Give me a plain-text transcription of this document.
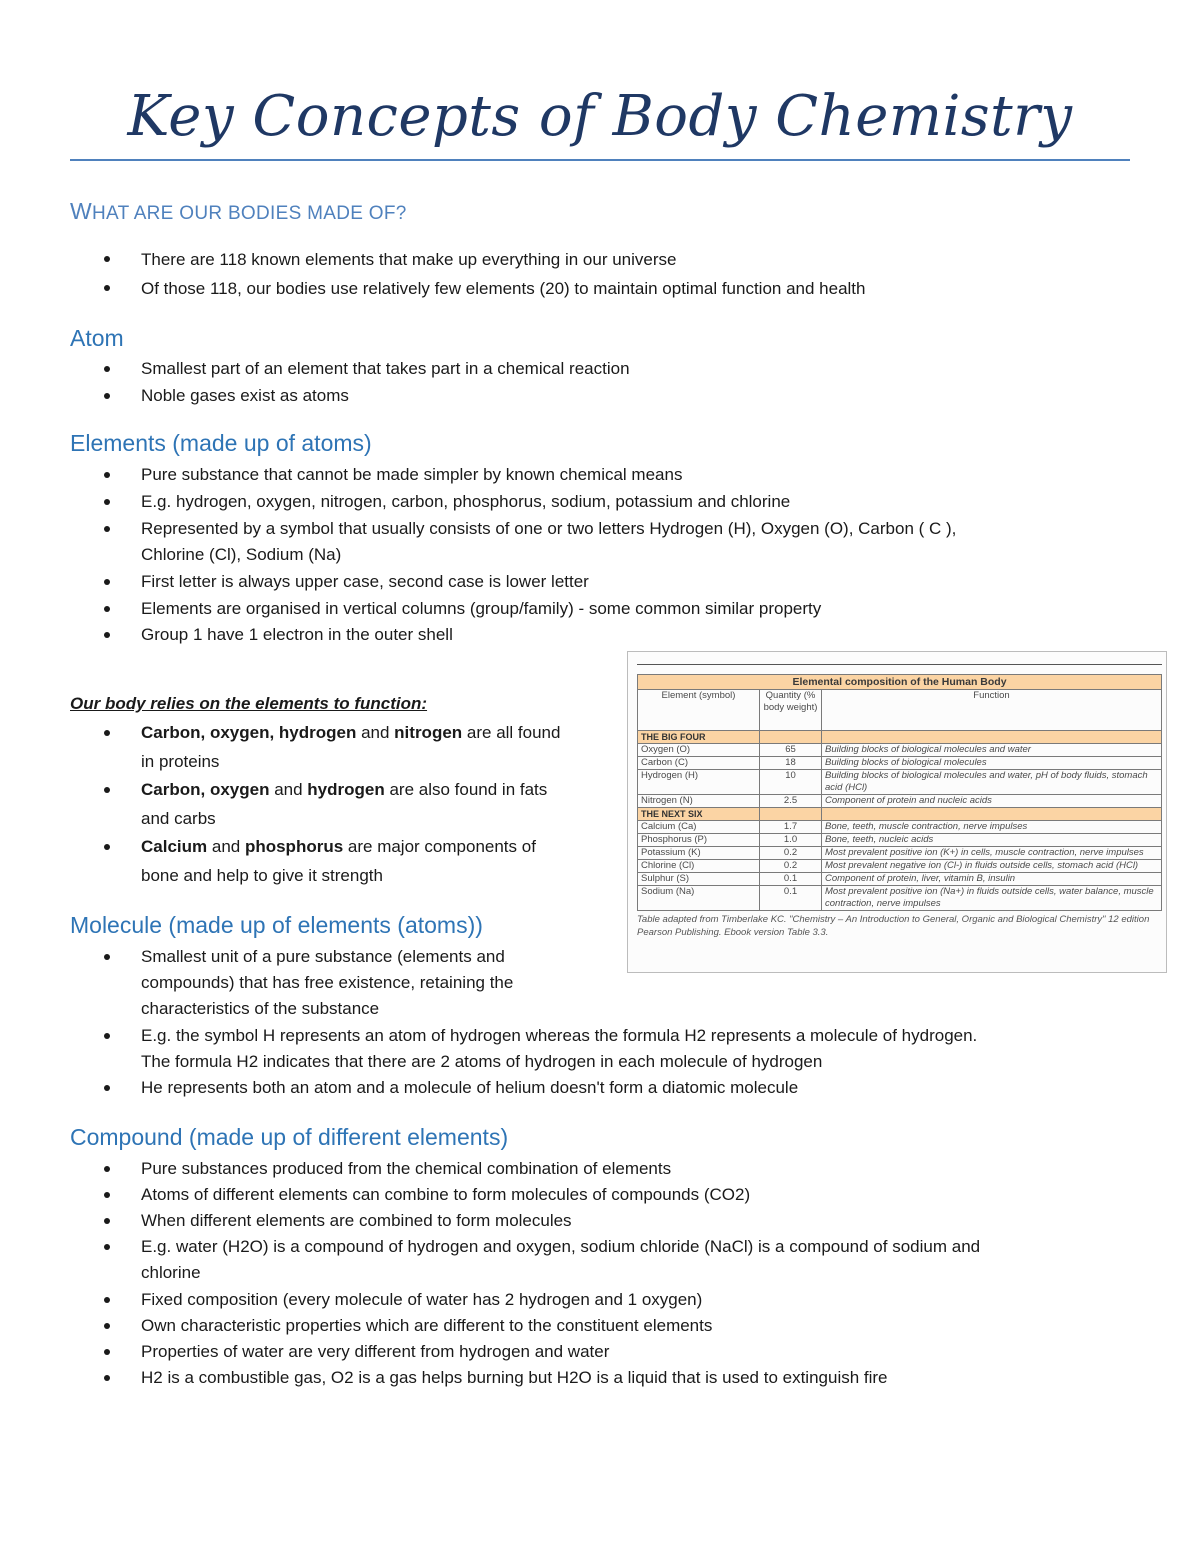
Key Concepts of Body Chemistry
WHAT ARE OUR BODIES MADE OF?
There are 118 known elements that make up everything in our universe
Of those 118, our bodies use relatively few elements (20) to maintain optimal function and health
Atom
Smallest part of an element that takes part in a chemical reaction
Noble gases exist as atoms
Elements (made up of atoms)
Pure substance that cannot be made simpler by known chemical means
E.g. hydrogen, oxygen, nitrogen, carbon, phosphorus, sodium, potassium and chlorine
Represented by a symbol that usually consists of one or two letters Hydrogen (H), Oxygen (O), Carbon ( C ),
Chlorine (Cl), Sodium (Na)
First letter is always upper case, second case is lower letter
Elements are organised in vertical columns (group/family) - some common similar property
Group 1 have 1 electron in the outer shell

Our body relies on the elements to function:

Carbon, oxygen, hydrogen and nitrogen are all found
in proteins
Carbon, oxygen and hydrogen are also found in fats
and carbs
Calcium and phosphorus are major components of
bone and help to give it strength
Molecule (made up of elements (atoms))
Smallest unit of a pure substance (elements and
compounds) that has free existence, retaining the
characteristics of the substance
E.g. the symbol H represents an atom of hydrogen whereas the formula H2 represents a molecule of hydrogen.
The formula H2 indicates that there are 2 atoms of hydrogen in each molecule of hydrogen
He represents both an atom and a molecule of helium doesn't form a diatomic molecule
Compound (made up of different elements)
Pure substances produced from the chemical combination of elements
Atoms of different elements can combine to form molecules of compounds (CO2)
When different elements are combined to form molecules
E.g. water (H2O) is a compound of hydrogen and oxygen, sodium chloride (NaCl) is a compound of sodium and
chlorine
Fixed composition (every molecule of water has 2 hydrogen and 1 oxygen)
Own characteristic properties which are different to the constituent elements
Properties of water are very different from hydrogen and water
H2 is a combustible gas, O2 is a gas helps burning but H2O is a liquid that is used to extinguish fire
Elemental composition of the Human Body		
Element (symbol)	Quantity (% body weight)	Function
THE BIG FOUR		
Oxygen (O)	65	Building blocks of biological molecules and water
Carbon (C)	18	Building blocks of biological molecules
Hydrogen (H)	10	Building blocks of biological molecules and water, pH of body fluids, stomach acid (HCl)
Nitrogen (N)	2.5	Component of protein and nucleic acids
THE NEXT SIX		
Calcium (Ca)	1.7	Bone, teeth, muscle contraction, nerve impulses
Phosphorus (P)	1.0	Bone, teeth, nucleic acids
Potassium (K)	0.2	Most prevalent positive ion (K+) in cells, muscle contraction, nerve impulses
Chlorine (Cl)	0.2	Most prevalent negative ion (Cl-) in fluids outside cells, stomach acid (HCl)
Sulphur (S)	0.1	Component of protein, liver, vitamin B, insulin
Sodium (Na)	0.1	Most prevalent positive ion (Na+) in fluids outside cells, water balance, muscle contraction, nerve impulses
Table adapted from Timberlake KC. "Chemistry – An Introduction to General, Organic and Biological Chemistry" 12 edition Pearson Publishing. Ebook version Table 3.3.
